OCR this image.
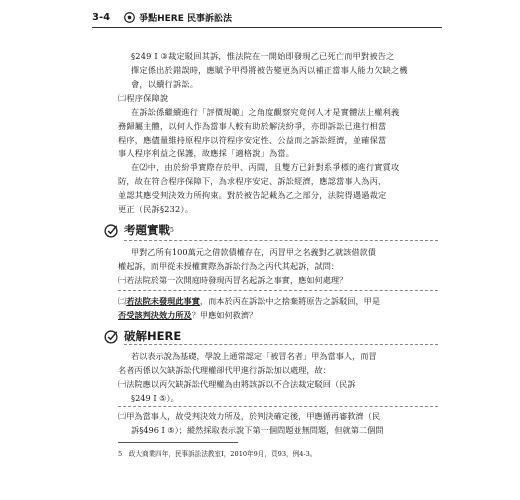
3-4	爭點HERE 民事訴訟法
§249 I ③裁定駁回其訴，惟法院在一開始即發現乙已死亡而甲對被告之
擇定係出於錯誤時，應賦予甲得將被告變更為丙以補正當事人能力欠缺之機
會，以續行訴訟。
㈡程序保障說
在訴訟係繼續進行「評價規範」之角度觀察究竟何人才是實體法上權利義
務歸屬主體，以何人作為當事人較有助於解決紛爭，亦即訴訟已進行相當
程序，應儘量維持原程序以符程序安定性、公益而之訴訟經濟，並確保當
事人程序利益之保護，故應採「適格說」為當。
在⑵中，由於紛爭實際存於甲、丙間，且雙方已針對系爭標的進行實質攻
防，故在符合程序保障下，為求程序安定、訴訟經濟，應認當事人為丙，
並認其應受判決效力所拘束。對於被告記載為乙之部分，法院得遇過裁定
更正（民訴§232）。
考題實戰 5
甲對乙所有100萬元之借款債權存在，丙冒甲之名義對乙就該借款債
權起訴，而甲從未授權實際為訴訟行為之丙代其起訴，試問：
㈠若法院於第一次開庭時發現丙冒名起訴之事實，應如何處理？
㈡若法院未發現此事實，而本於丙在訴訟中之捨棄將原告之訴駁回，甲是
否受該判決效力所及？甲應如何救濟？
破解HERE
若以表示說為基礎，學說上通常認定「被冒名者」甲為當事人，而冒
名者丙係以欠缺訴訟代理權卻代甲進行訴訟加以處理，故：
㈠法院應以丙欠缺訴訟代理權為由將該訴以不合法裁定駁回（民訴
§249 I ⑤）。
㈡甲為當事人，故受判決效力所及，於判決確定後，甲應循再審救濟（民
訴§496 I ⑤）；縱然採取表示說下第一個問題並無問題，但就第二個問
5　政大商業四年，民事訴訟法教室Ⅰ，2010年9月，頁93，例4-3。
